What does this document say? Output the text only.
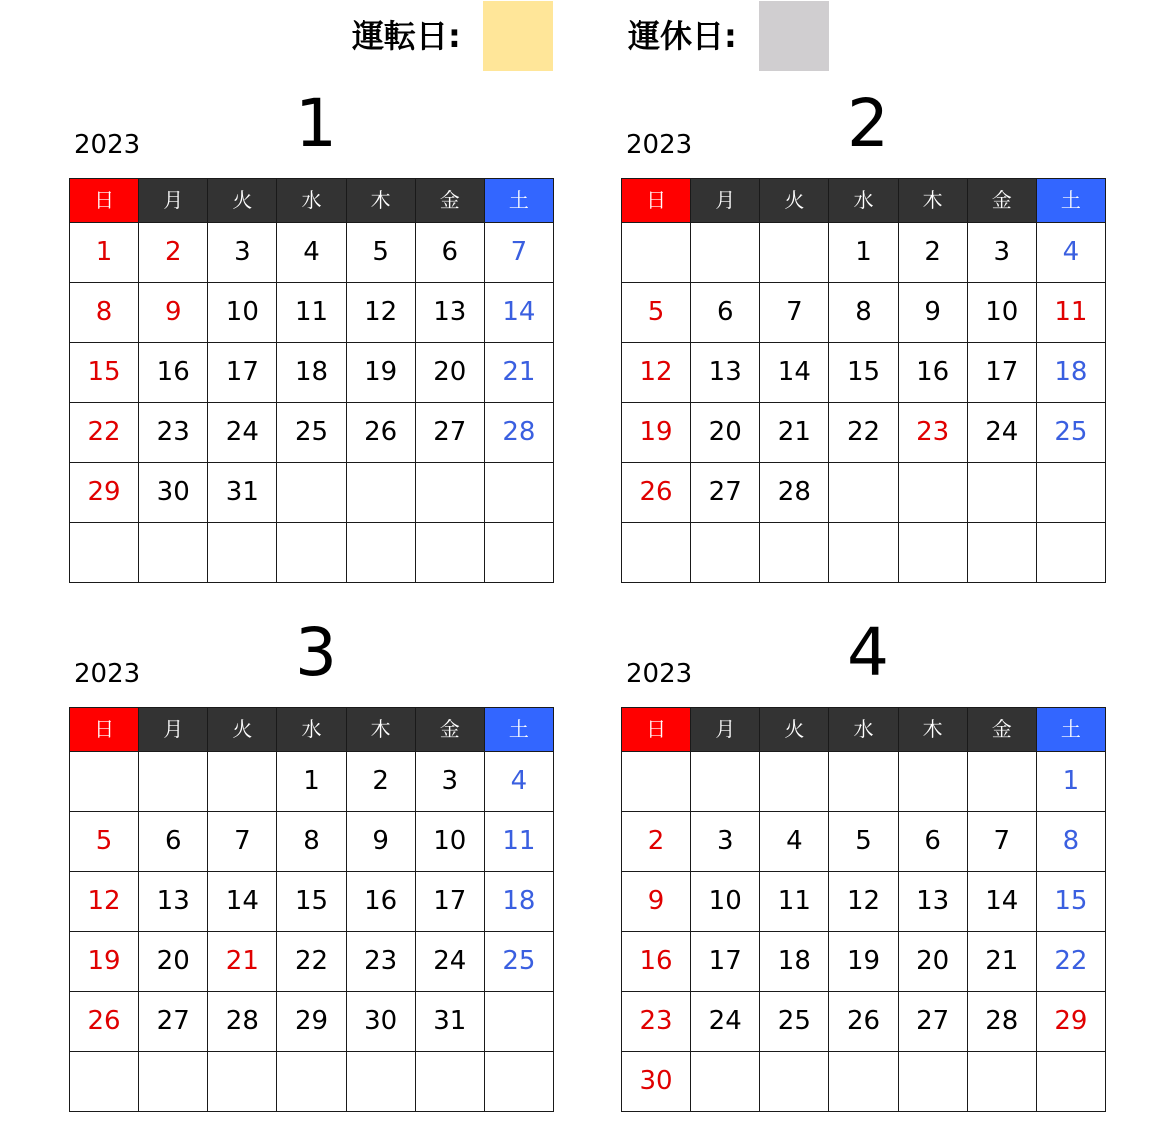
運転日:	運休日:
2023 1
日	月	火	水	木	金	土
1	2	3	4	5	6	7
8	9	10	11	12	13	14
15	16	17	18	19	20	21
22	23	24	25	26	27	28
29	30	31				

2023 2
日	月	火	水	木	金	土
			1	2	3	4
5	6	7	8	9	10	11
12	13	14	15	16	17	18
19	20	21	22	23	24	25
26	27	28				

2023 3
日	月	火	水	木	金	土
			1	2	3	4
5	6	7	8	9	10	11
12	13	14	15	16	17	18
19	20	21	22	23	24	25
26	27	28	29	30	31	

2023 4
日	月	火	水	木	金	土
						1
2	3	4	5	6	7	8
9	10	11	12	13	14	15
16	17	18	19	20	21	22
23	24	25	26	27	28	29
30						
